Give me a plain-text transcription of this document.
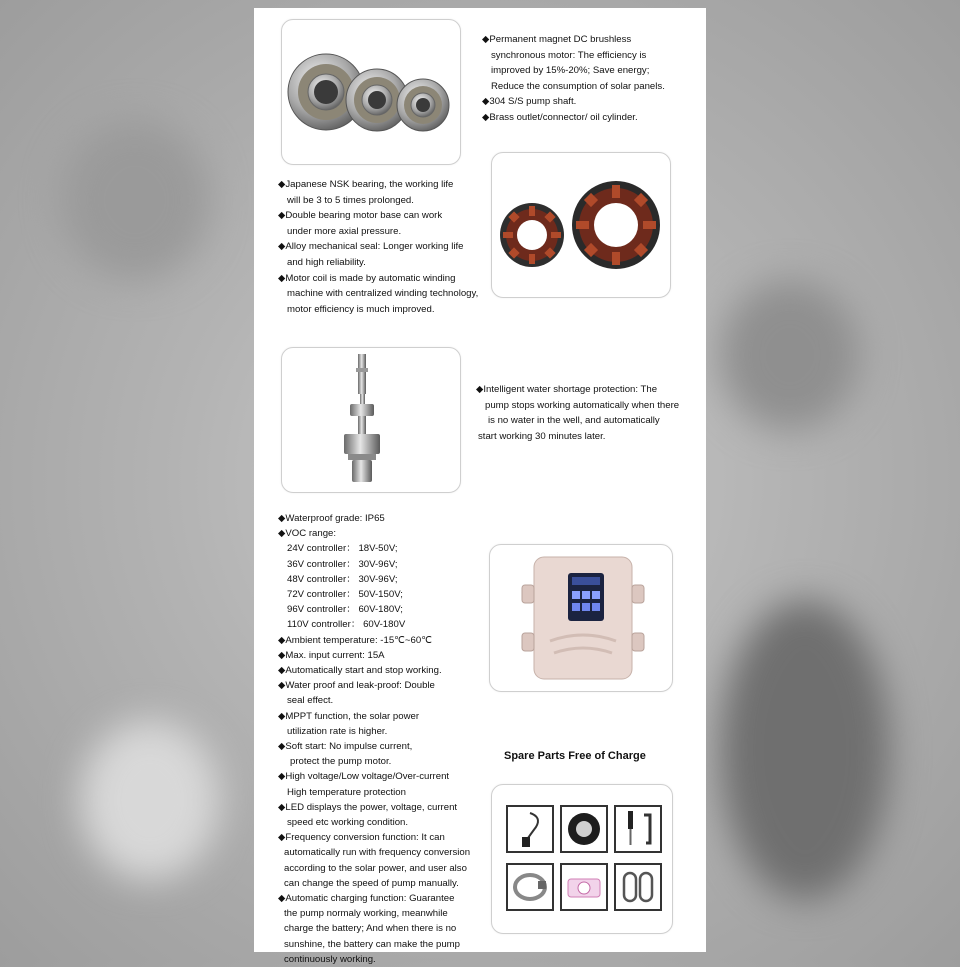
◆Permanent magnet DC brushless
synchronous motor: The efficiency is
improved by 15%-20%; Save energy;
Reduce the consumption of solar panels.
◆304 S/S pump shaft.
◆Brass outlet/connector/ oil cylinder.
◆Japanese NSK bearing, the working life
will be 3 to 5 times prolonged.
◆Double bearing motor base can work
under more axial pressure.
◆Alloy mechanical seal: Longer working life
and high reliability.
◆Motor coil is made by automatic winding
machine with centralized winding technology,
motor efficiency is much improved.
◆Intelligent water shortage protection: The
pump stops working automatically when there
is no water in the well, and automatically
start working 30 minutes later.
◆Waterproof grade: IP65
◆VOC range:
24V controller： 18V-50V;
36V controller： 30V-96V;
48V controller： 30V-96V;
72V controller： 50V-150V;
96V controller： 60V-180V;
110V controller： 60V-180V
◆Ambient temperature: -15℃~60℃
◆Max. input current: 15A
◆Automatically start and stop working.
◆Water proof and leak-proof: Double
seal effect.
◆MPPT function, the solar power
utilization rate is higher.
◆Soft start: No impulse current,
protect the pump motor.
◆High voltage/Low voltage/Over-current
High temperature protection
◆LED displays the power, voltage, current
speed etc working condition.
◆Frequency conversion function: It can
automatically run with frequency conversion
according to the solar power, and user also
can change the speed of pump manually.
◆Automatic charging function: Guarantee
the pump normaly working, meanwhile
charge the battery; And when there is no
sunshine, the battery can make the pump
continuously working.
Spare Parts Free of Charge
